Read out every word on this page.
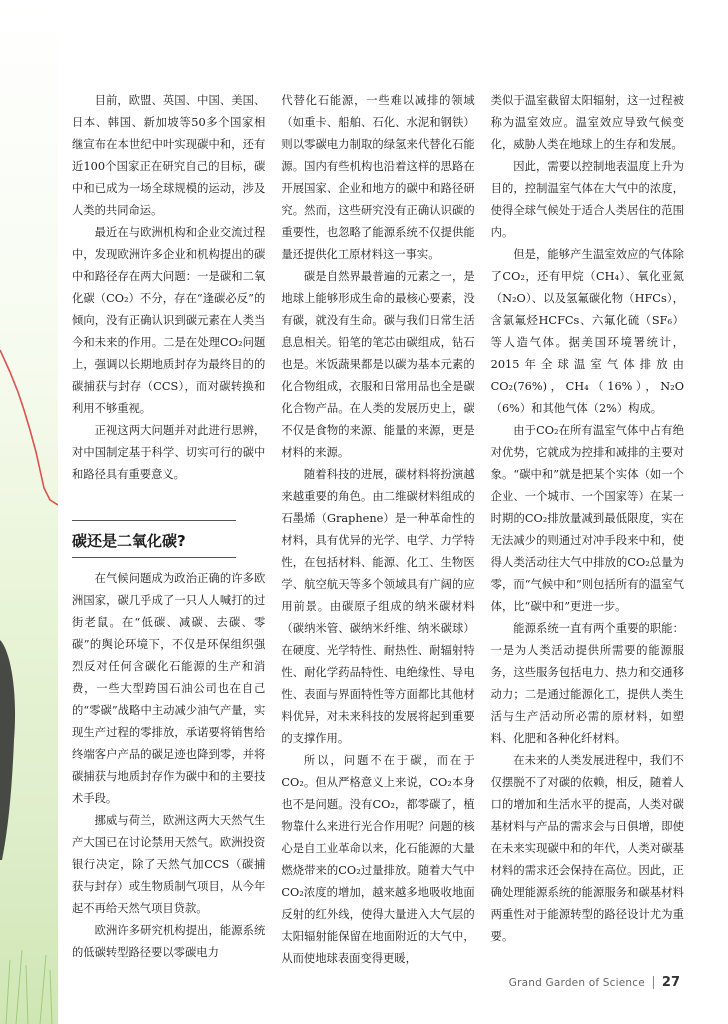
目前，欧盟、英国、中国、美国、日本、韩国、新加坡等50多个国家相继宣布在本世纪中叶实现碳中和，还有近100个国家正在研究自己的目标，碳中和已成为一场全球规模的运动，涉及人类的共同命运。

最近在与欧洲机构和企业交流过程中，发现欧洲许多企业和机构提出的碳中和路径存在两大问题：一是碳和二氧化碳（CO₂）不分，存在“逢碳必反”的倾向，没有正确认识到碳元素在人类当今和未来的作用。二是在处理CO₂问题上，强调以长期地质封存为最终目的的碳捕获与封存（CCS），而对碳转换和利用不够重视。

正视这两大问题并对此进行思辨，对中国制定基于科学、切实可行的碳中和路径具有重要意义。

碳还是二氧化碳?

在气候问题成为政治正确的许多欧洲国家，碳几乎成了一只人人喊打的过街老鼠。在“低碳、减碳、去碳、零碳”的舆论环境下，不仅是环保组织强烈反对任何含碳化石能源的生产和消费，一些大型跨国石油公司也在自己的“零碳”战略中主动减少油气产量，实现生产过程的零排放，承诺要将销售给终端客户产品的碳足迹也降到零，并将碳捕获与地质封存作为碳中和的主要技术手段。

挪威与荷兰，欧洲这两大天然气生产大国已在讨论禁用天然气。欧洲投资银行决定，除了天然气加CCS（碳捕获与封存）或生物质制气项目，从今年起不再给天然气项目贷款。

欧洲许多研究机构提出，能源系统的低碳转型路径要以零碳电力

代替化石能源，一些难以减排的领域（如重卡、船舶、石化、水泥和钢铁）则以零碳电力制取的绿氢来代替化石能源。国内有些机构也沿着这样的思路在开展国家、企业和地方的碳中和路径研究。然而，这些研究没有正确认识碳的重要性，也忽略了能源系统不仅提供能量还提供化工原材料这一事实。

碳是自然界最普遍的元素之一，是地球上能够形成生命的最核心要素，没有碳，就没有生命。碳与我们日常生活息息相关。铅笔的笔芯由碳组成，钻石也是。米饭蔬果都是以碳为基本元素的化合物组成，衣服和日常用品也全是碳化合物产品。在人类的发展历史上，碳不仅是食物的来源、能量的来源，更是材料的来源。

随着科技的进展，碳材料将扮演越来越重要的角色。由二维碳材料组成的石墨烯（Graphene）是一种革命性的材料，具有优异的光学、电学、力学特性，在包括材料、能源、化工、生物医学、航空航天等多个领域具有广阔的应用前景。由碳原子组成的纳米碳材料（碳纳米管、碳纳米纤维、纳米碳球）在硬度、光学特性、耐热性、耐辐射特性、耐化学药品特性、电绝缘性、导电性、表面与界面特性等方面都比其他材料优异，对未来科技的发展将起到重要的支撑作用。

所以，问题不在于碳，而在于CO₂。但从严格意义上来说，CO₂本身也不是问题。没有CO₂，都零碳了，植物靠什么来进行光合作用呢？问题的核心是自工业革命以来，化石能源的大量燃烧带来的CO₂过量排放。随着大气中CO₂浓度的增加，越来越多地吸收地面反射的红外线，使得大量进入大气层的太阳辐射能保留在地面附近的大气中，从而使地球表面变得更暖，

类似于温室截留太阳辐射，这一过程被称为温室效应。温室效应导致气候变化，威胁人类在地球上的生存和发展。

因此，需要以控制地表温度上升为目的，控制温室气体在大气中的浓度，使得全球气候处于适合人类居住的范围内。

但是，能够产生温室效应的气体除了CO₂，还有甲烷（CH₄）、氧化亚氮（N₂O）、以及氢氟碳化物（HFCs），含氯氟烃HCFCs、六氟化硫（SF₆）等人造气体。据美国环境署统计，2015年全球温室气体排放由CO₂(76%)，CH₄（16%），N₂O（6%）和其他气体（2%）构成。

由于CO₂在所有温室气体中占有绝对优势，它就成为控排和减排的主要对象。“碳中和”就是把某个实体（如一个企业、一个城市、一个国家等）在某一时期的CO₂排放量减到最低限度，实在无法减少的则通过对冲手段来中和，使得人类活动往大气中排放的CO₂总量为零，而“气候中和”则包括所有的温室气体，比“碳中和”更进一步。

能源系统一直有两个重要的职能：一是为人类活动提供所需要的能源服务，这些服务包括电力、热力和交通移动力；二是通过能源化工，提供人类生活与生产活动所必需的原材料，如塑料、化肥和各种化纤材料。

在未来的人类发展进程中，我们不仅摆脱不了对碳的依赖，相反，随着人口的增加和生活水平的提高，人类对碳基材料与产品的需求会与日俱增，即使在未来实现碳中和的年代，人类对碳基材料的需求还会保持在高位。因此，正确处理能源系统的能源服务和碳基材料两重性对于能源转型的路径设计尤为重要。

Grand Garden of Science 27
